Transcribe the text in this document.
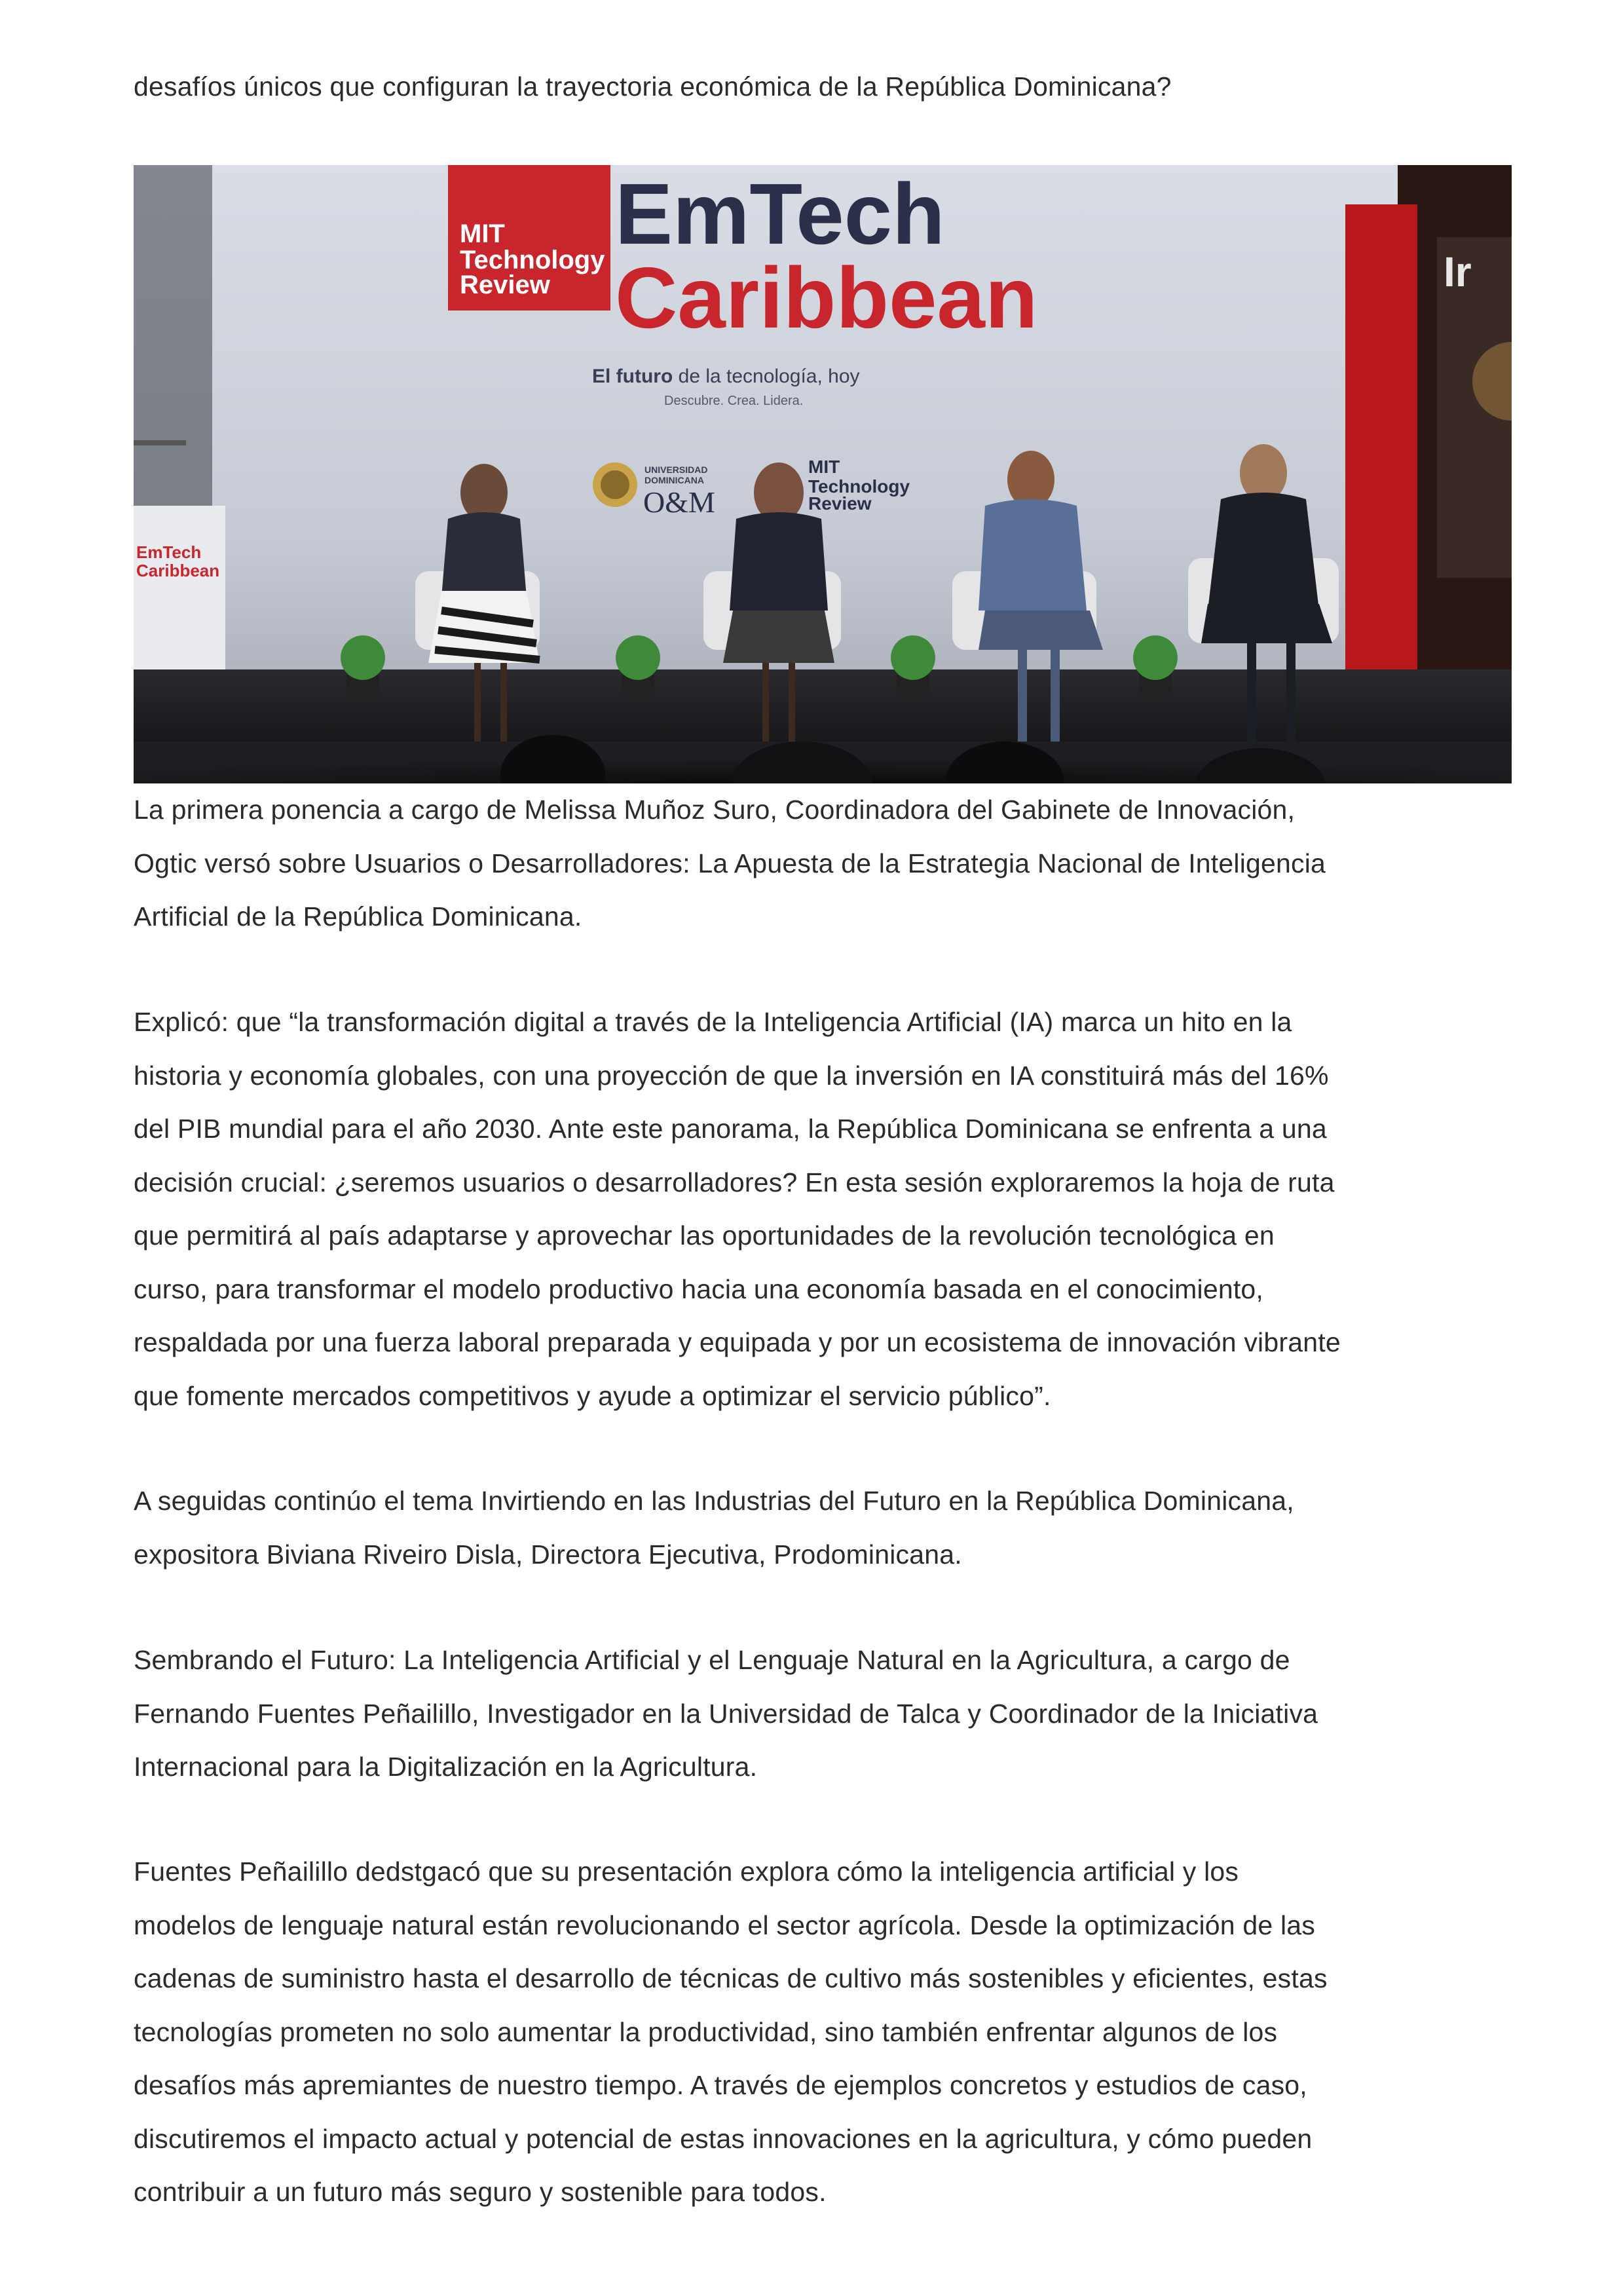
desafíos únicos que configuran la trayectoria económica de la República Dominicana?

Ir
MIT Technology Review
EmTech
Caribbean
El futuro de la tecnología, hoy
Descubre. Crea. Lidera.
UNIVERSIDAD DOMINICANA
O&M
MIT Technology Review
EmTech Caribbean

La primera ponencia a cargo de Melissa Muñoz Suro, Coordinadora del Gabinete de Innovación,
Ogtic versó sobre Usuarios o Desarrolladores: La Apuesta de la Estrategia Nacional de Inteligencia
Artificial de la República Dominicana.

Explicó: que “la transformación digital a través de la Inteligencia Artificial (IA) marca un hito en la
historia y economía globales, con una proyección de que la inversión en IA constituirá más del 16%
del PIB mundial para el año 2030. Ante este panorama, la República Dominicana se enfrenta a una
decisión crucial: ¿seremos usuarios o desarrolladores? En esta sesión exploraremos la hoja de ruta
que permitirá al país adaptarse y aprovechar las oportunidades de la revolución tecnológica en
curso, para transformar el modelo productivo hacia una economía basada en el conocimiento,
respaldada por una fuerza laboral preparada y equipada y por un ecosistema de innovación vibrante
que fomente mercados competitivos y ayude a optimizar el servicio público”.

A seguidas continúo el tema Invirtiendo en las Industrias del Futuro en la República Dominicana,
expositora Biviana Riveiro Disla, Directora Ejecutiva, Prodominicana.

Sembrando el Futuro: La Inteligencia Artificial y el Lenguaje Natural en la Agricultura, a cargo de
Fernando Fuentes Peñailillo, Investigador en la Universidad de Talca y Coordinador de la Iniciativa
Internacional para la Digitalización en la Agricultura.

Fuentes Peñailillo dedstgacó que su presentación explora cómo la inteligencia artificial y los
modelos de lenguaje natural están revolucionando el sector agrícola. Desde la optimización de las
cadenas de suministro hasta el desarrollo de técnicas de cultivo más sostenibles y eficientes, estas
tecnologías prometen no solo aumentar la productividad, sino también enfrentar algunos de los
desafíos más apremiantes de nuestro tiempo. A través de ejemplos concretos y estudios de caso,
discutiremos el impacto actual y potencial de estas innovaciones en la agricultura, y cómo pueden
contribuir a un futuro más seguro y sostenible para todos.
